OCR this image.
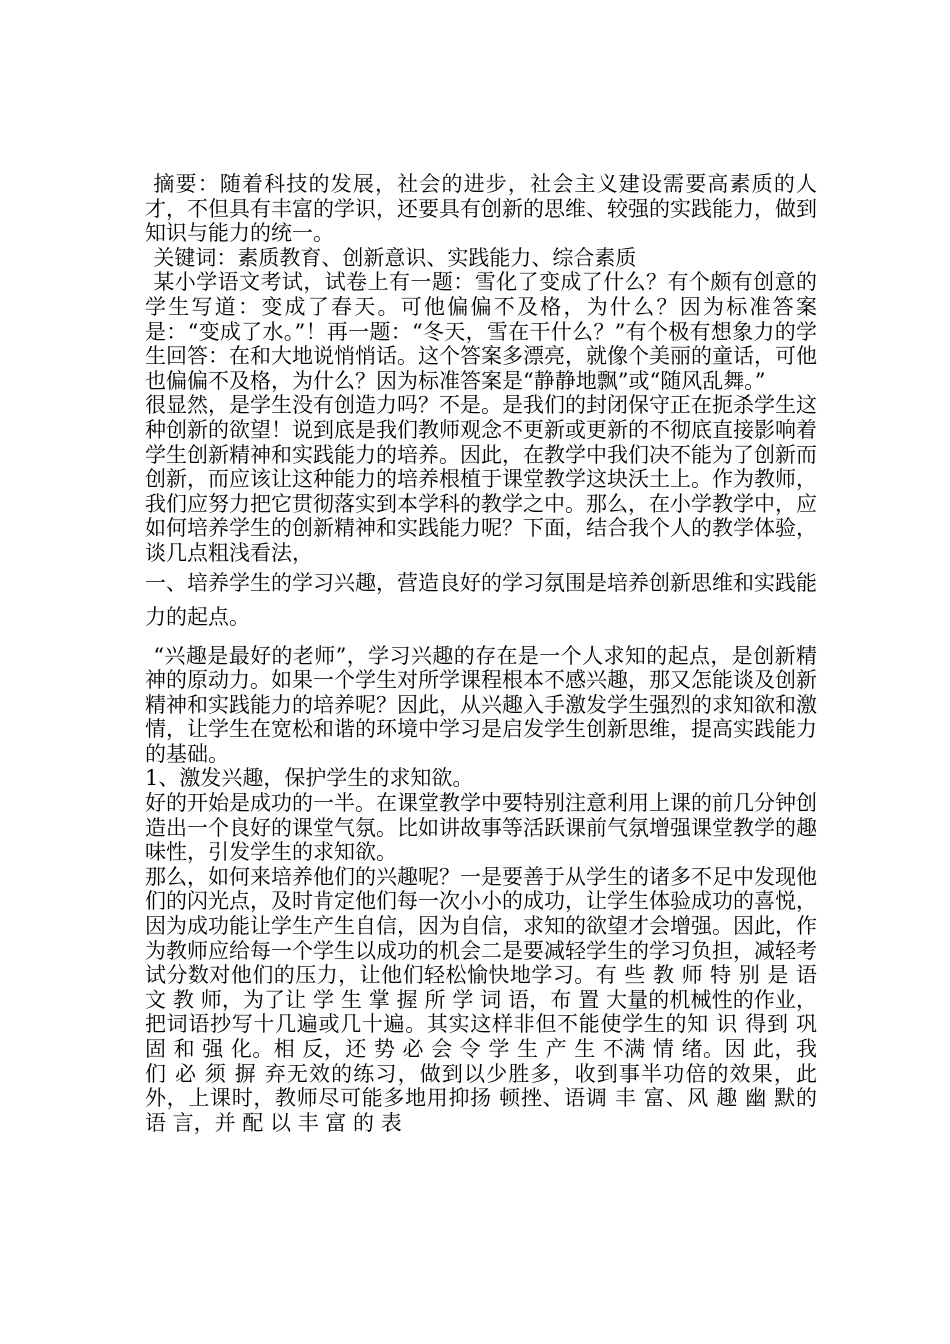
摘要：随着科技的发展，社会的进步，社会主义建设需要高素质的人才，不但具有丰富的学识，还要具有创新的思维、较强的实践能力，做到知识与能力的统一。

关键词：素质教育、创新意识、实践能力、综合素质

某小学语文考试，试卷上有一题：雪化了变成了什么？有个颇有创意的学生写道：变成了春天。可他偏偏不及格，为什么？因为标准答案是：“变成了水。”！再一题：“冬天，雪在干什么？”有个极有想象力的学生回答：在和大地说悄悄话。这个答案多漂亮，就像个美丽的童话，可他也偏偏不及格，为什么？因为标准答案是“静静地飘”或“随风乱舞。”

很显然，是学生没有创造力吗？不是。是我们的封闭保守正在扼杀学生这种创新的欲望！说到底是我们教师观念不更新或更新的不彻底直接影响着学生创新精神和实践能力的培养。因此，在教学中我们决不能为了创新而创新，而应该让这种能力的培养根植于课堂教学这块沃土上。作为教师，我们应努力把它贯彻落实到本学科的教学之中。那么，在小学教学中，应如何培养学生的创新精神和实践能力呢？下面，结合我个人的教学体验，谈几点粗浅看法，

一、培养学生的学习兴趣，营造良好的学习氛围是培养创新思维和实践能力的起点。

“兴趣是最好的老师”，学习兴趣的存在是一个人求知的起点，是创新精神的原动力。如果一个学生对所学课程根本不感兴趣，那又怎能谈及创新精神和实践能力的培养呢？因此，从兴趣入手激发学生强烈的求知欲和激情，让学生在宽松和谐的环境中学习是启发学生创新思维，提高实践能力的基础。

1、激发兴趣，保护学生的求知欲。

好的开始是成功的一半。在课堂教学中要特别注意利用上课的前几分钟创造出一个良好的课堂气氛。比如讲故事等活跃课前气氛增强课堂教学的趣味性，引发学生的求知欲。

那么，如何来培养他们的兴趣呢？一是要善于从学生的诸多不足中发现他们的闪光点，及时肯定他们每一次小小的成功，让学生体验成功的喜悦，因为成功能让学生产生自信，因为自信，求知的欲望才会增强。因此，作为教师应给每一个学生以成功的机会二是要减轻学生的学习负担，减轻考试分数对他们的压力，让他们轻松愉快地学习。有 些 教 师 特 别 是 语 文 教 师，为了让 学 生 掌 握 所 学 词 语，布 置 大量的机械性的作业，把词语抄写十几遍或几十遍。其实这样非但不能使学生的知 识 得到 巩 固 和 强 化。相 反，还 势 必 会 令 学 生 产 生 不满 情 绪。因 此，我 们 必 须 摒 弃无效的练习，做到以少胜多，收到事半功倍的效果，此外，上课时，教师尽可能多地用抑扬 顿挫、语调 丰 富、风 趣 幽 默的 语 言，并 配 以 丰 富 的 表
